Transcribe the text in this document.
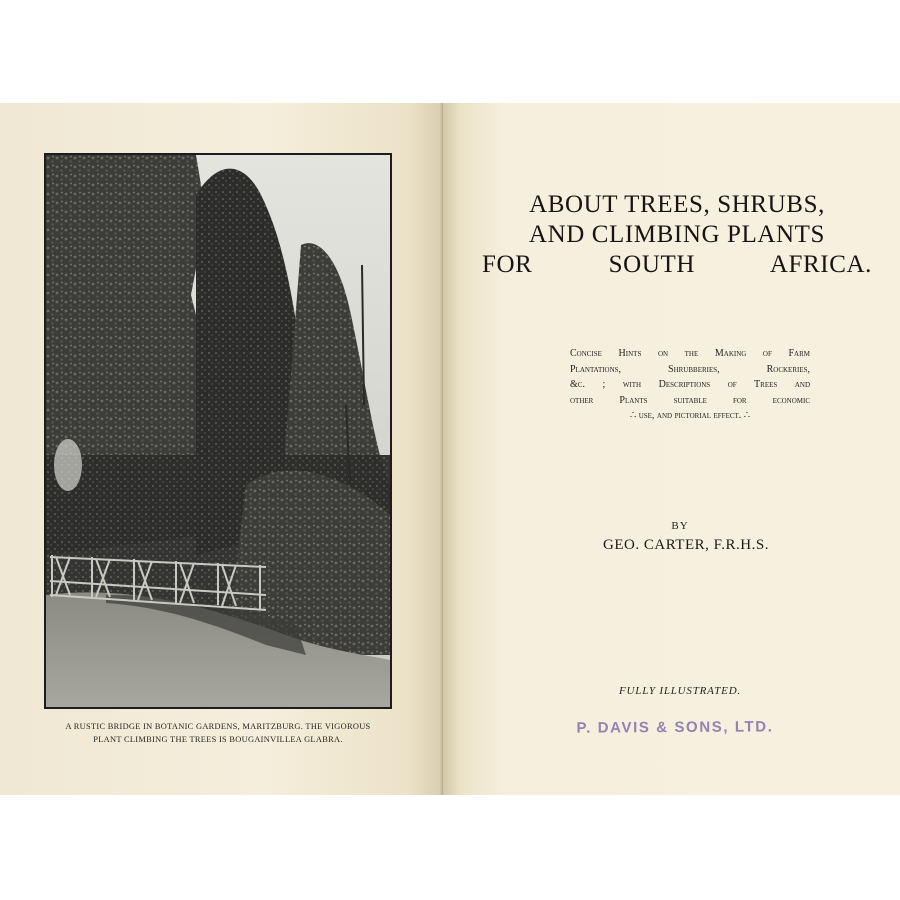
A RUSTIC BRIDGE IN BOTANIC GARDENS, MARITZBURG. THE VIGOROUS
PLANT CLIMBING THE TREES IS BOUGAINVILLEA GLABRA.
ABOUT TREES, SHRUBS,
AND CLIMBING PLANTS
FOR SOUTH AFRICA.
Concise Hints on the Making of Farm
Plantations, Shrubberies, Rockeries,
&c. ; with Descriptions of Trees and
other Plants suitable for economic
∴ use, and pictorial effect. ∴
BY
GEO. CARTER, F.R.H.S.
FULLY ILLUSTRATED.
P. DAVIS & SONS, LTD.
